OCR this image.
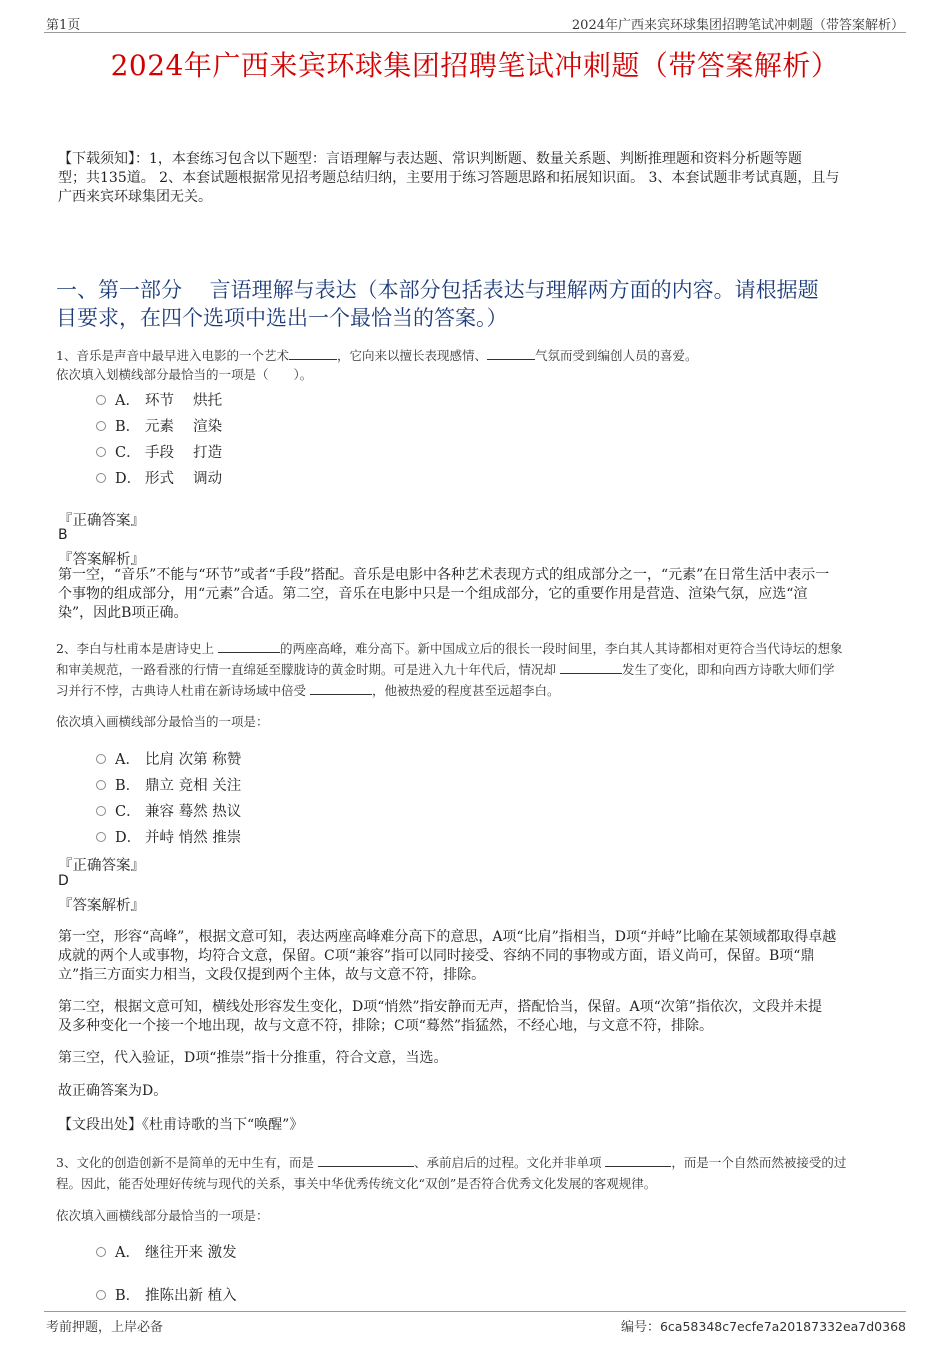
第1页	2024年广西来宾环球集团招聘笔试冲刺题（带答案解析）
2024年广西来宾环球集团招聘笔试冲刺题（带答案解析）
【下载须知】：1，本套练习包含以下题型：言语理解与表达题、常识判断题、数量关系题、判断推理题和资料分析题等题
型；共135道。 2、本套试题根据常见招考题总结归纳，主要用于练习答题思路和拓展知识面。 3、本套试题非考试真题，且与
广西来宾环球集团无关。
一、第一部分　 言语理解与表达（本部分包括表达与理解两方面的内容。请根据题
目要求，在四个选项中选出一个最恰当的答案。）
1、音乐是声音中最早进入电影的一个艺术	，它向来以擅长表现感情、	气氛而受到编创人员的喜爱。
依次填入划横线部分最恰当的一项是（　　）。
A． 环节　 烘托
B． 元素　 渲染
C． 手段　 打造
D． 形式　 调动
『正确答案』
B
『答案解析』
第一空，“音乐”不能与“环节”或者“手段”搭配。音乐是电影中各种艺术表现方式的组成部分之一，“元素”在日常生活中表示一
个事物的组成部分，用“元素”合适。第二空，音乐在电影中只是一个组成部分，它的重要作用是营造、渲染气氛，应选“渲
染”，因此B项正确。
2、李白与杜甫本是唐诗史上	的两座高峰，难分高下。新中国成立后的很长一段时间里，李白其人其诗都相对更符合当代诗坛的想象
和审美规范，一路看涨的行情一直绵延至朦胧诗的黄金时期。可是进入九十年代后，情况却	发生了变化，即和向西方诗歌大师们学
习并行不悖，古典诗人杜甫在新诗场域中倍受	，他被热爱的程度甚至远超李白。
依次填入画横线部分最恰当的一项是：
A． 比肩 次第 称赞
B． 鼎立 竞相 关注
C． 兼容 蓦然 热议
D． 并峙 悄然 推崇
『正确答案』
D
『答案解析』
第一空，形容“高峰”，根据文意可知，表达两座高峰难分高下的意思，A项“比肩”指相当，D项“并峙”比喻在某领域都取得卓越
成就的两个人或事物，均符合文意，保留。C项“兼容”指可以同时接受、容纳不同的事物或方面，语义尚可，保留。B项“鼎
立”指三方面实力相当，文段仅提到两个主体，故与文意不符，排除。
第二空，根据文意可知，横线处形容发生变化，D项“悄然”指安静而无声，搭配恰当，保留。A项“次第”指依次，文段并未提
及多种变化一个接一个地出现，故与文意不符，排除；C项“蓦然”指猛然，不经心地，与文意不符，排除。
第三空，代入验证，D项“推崇”指十分推重，符合文意，当选。
故正确答案为D。
【文段出处】《杜甫诗歌的当下“唤醒”》
3、文化的创造创新不是简单的无中生有，而是	、承前启后的过程。文化并非单项	，而是一个自然而然被接受的过
程。因此，能否处理好传统与现代的关系，事关中华优秀传统文化“双创”是否符合优秀文化发展的客观规律。
依次填入画横线部分最恰当的一项是：
A． 继往开来 激发
B． 推陈出新 植入
考前押题，上岸必备	编号：6ca58348c7ecfe7a20187332ea7d0368
